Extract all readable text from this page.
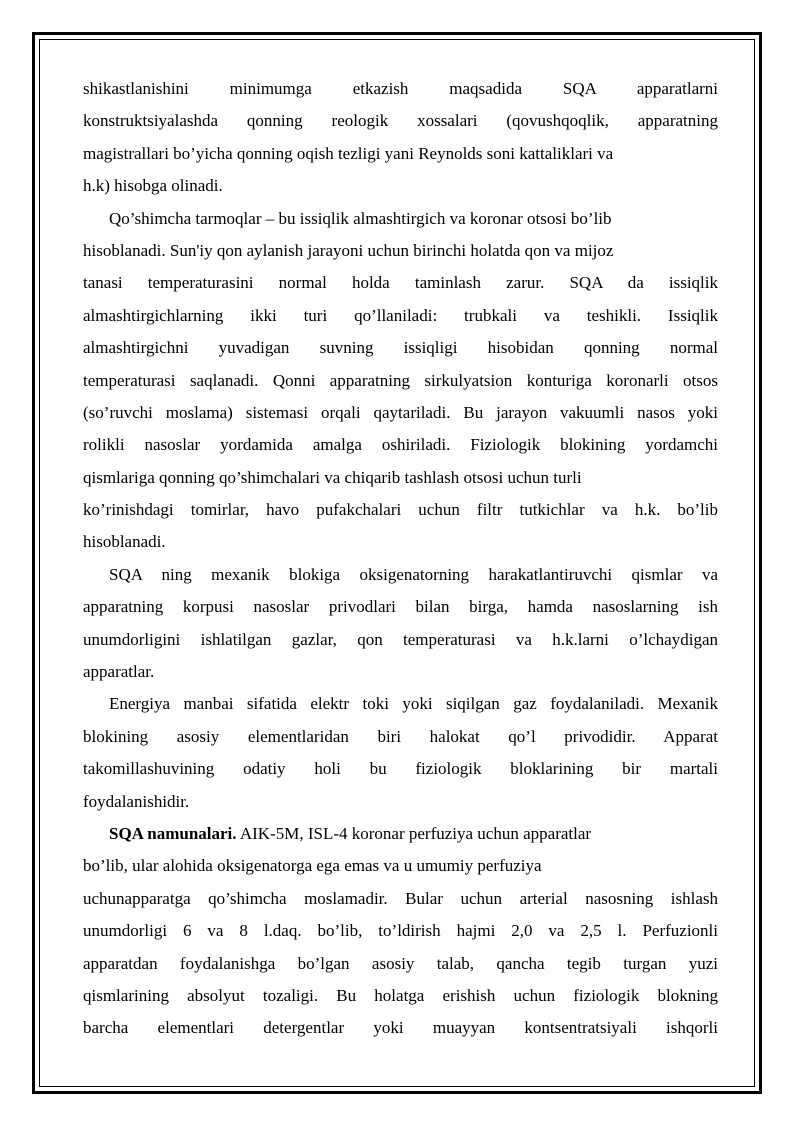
shikastlanishini minimumga etkazish maqsadida SQA apparatlarni
konstruktsiyalashda qonning reologik xossalari (qovushqoqlik, apparatning
magistrallari bo’yicha qonning oqish tezligi yani Reynolds soni kattaliklari va
h.k) hisobga olinadi.
Qo’shimcha tarmoqlar – bu issiqlik almashtirgich va koronar otsosi bo’lib
hisoblanadi. Sun'iy qon aylanish jarayoni uchun birinchi holatda qon va mijoz
tanasi temperaturasini normal holda taminlash zarur. SQA da issiqlik
almashtirgichlarning ikki turi qo’llaniladi: trubkali va teshikli. Issiqlik
almashtirgichni yuvadigan suvning issiqligi hisobidan qonning normal
temperaturasi saqlanadi. Qonni apparatning sirkulyatsion konturiga koronarli otsos
(so’ruvchi moslama) sistemasi orqali qaytariladi. Bu jarayon vakuumli nasos yoki
rolikli nasoslar yordamida amalga oshiriladi. Fiziologik blokining yordamchi
qismlariga qonning qo’shimchalari va chiqarib tashlash otsosi uchun turli
ko’rinishdagi tomirlar, havo pufakchalari uchun filtr tutkichlar va h.k. bo’lib
hisoblanadi.
SQA ning mexanik blokiga oksigenatorning harakatlantiruvchi qismlar va
apparatning korpusi nasoslar privodlari bilan birga, hamda nasoslarning ish
unumdorligini ishlatilgan gazlar, qon temperaturasi va h.k.larni o’lchaydigan
apparatlar.
Energiya manbai sifatida elektr toki yoki siqilgan gaz foydalaniladi. Mexanik
blokining asosiy elementlaridan biri halokat qo’l privodidir. Apparat
takomillashuvining odatiy holi bu fiziologik bloklarining bir martali
foydalanishidir.
SQA namunalari. AIK-5M, ISL-4 koronar perfuziya uchun apparatlar
bo’lib, ular alohida oksigenatorga ega emas va u umumiy perfuziya
uchunapparatga qo’shimcha moslamadir. Bular uchun arterial nasosning ishlash
unumdorligi 6 va 8 l.daq. bo’lib, to’ldirish hajmi 2,0 va 2,5 l. Perfuzionli
apparatdan foydalanishga bo’lgan asosiy talab, qancha tegib turgan yuzi
qismlarining absolyut tozaligi. Bu holatga erishish uchun fiziologik blokning
barcha elementlari detergentlar yoki muayyan kontsentratsiyali ishqorli
